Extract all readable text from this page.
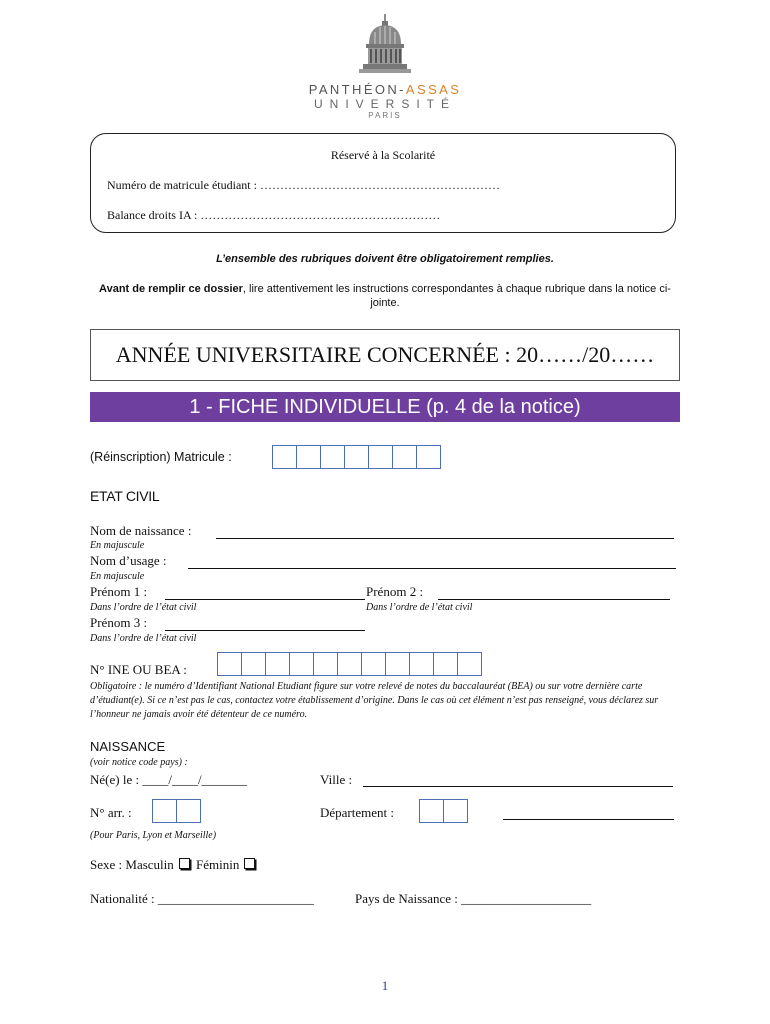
PANTHÉON-ASSAS
UNIVERSITÉ
PARIS
Réservé à la Scolarité
Numéro de matricule étudiant : ……………………………………………………
Balance droits IA : ……………………………………………………
L’ensemble des rubriques doivent être obligatoirement remplies.
Avant de remplir ce dossier, lire attentivement les instructions correspondantes à chaque rubrique dans la notice ci-jointe.
ANNÉE UNIVERSITAIRE CONCERNÉE : 20……/20……
1 - FICHE INDIVIDUELLE (p. 4 de la notice)
(Réinscription) Matricule :
ETAT CIVIL
Nom de naissance :
En majuscule
Nom d’usage :
En majuscule
Prénom 1 :
Dans l’ordre de l’état civil
Prénom 2 :
Dans l’ordre de l’état civil
Prénom 3 :
Dans l’ordre de l’état civil
N° INE OU BEA :
Obligatoire : le numéro d’Identifiant National Etudiant figure sur votre relevé de notes du baccalauréat (BEA) ou sur votre dernière carte d’étudiant(e). Si ce n’est pas le cas, contactez votre établissement d’origine. Dans le cas où cet élément n’est pas renseigné, vous déclarez sur l’honneur ne jamais avoir été détenteur de ce numéro.
NAISSANCE
(voir notice code pays) :
Né(e) le : ____/____/_______	Ville :
N° arr. :	Département :
(Pour Paris, Lyon et Marseille)
Sexe : Masculin Féminin
Nationalité : ________________________	Pays de Naissance : ____________________
1
